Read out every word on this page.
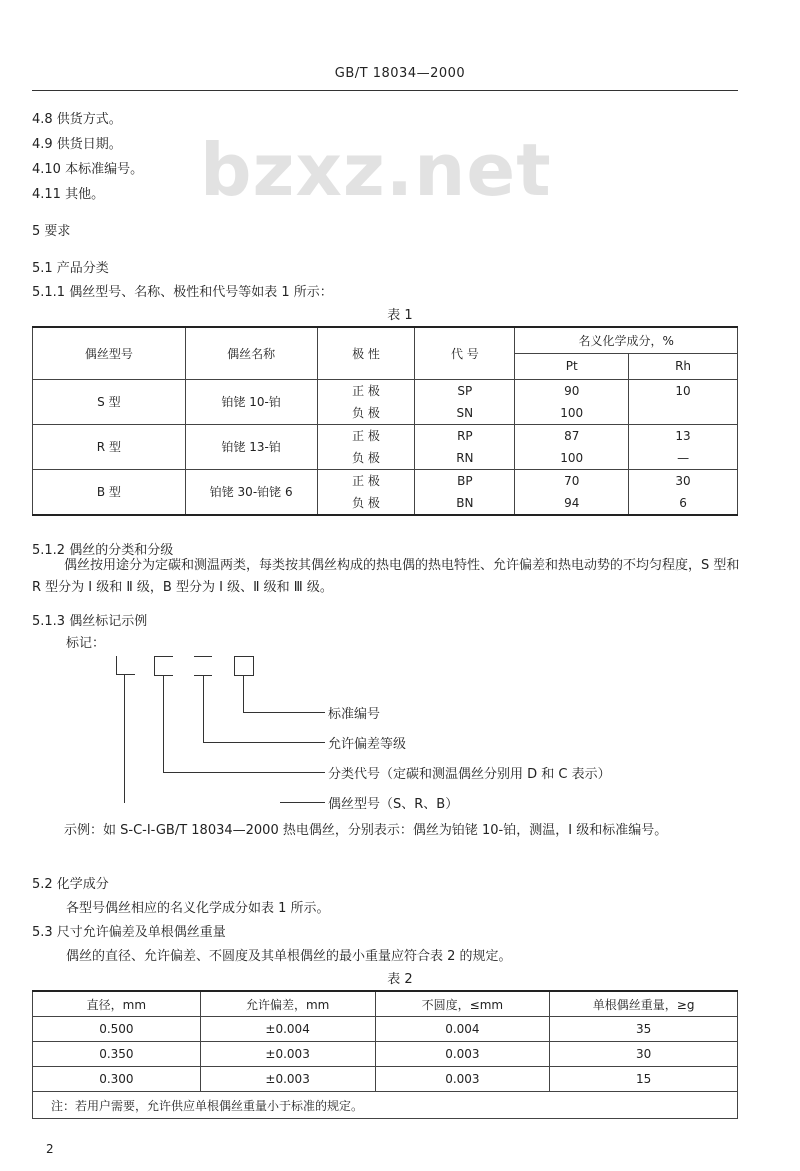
GB/T 18034—2000
bzxz.net
4.8 供货方式。
4.9 供货日期。
4.10 本标准编号。
4.11 其他。
5 要求
5.1 产品分类
5.1.1 偶丝型号、名称、极性和代号等如表 1 所示：
表 1
偶丝型号	偶丝名称	极 性	代 号	名义化学成分，%	
				Pt	Rh
S 型	铂铑 10-铂	正 极	SP	90	10
		负 极	SN	100	
R 型	铂铑 13-铂	正 极	RP	87	13
		负 极	RN	100	—
B 型	铂铑 30-铂铑 6	正 极	BP	70	30
		负 极	BN	94	6
5.1.2 偶丝的分类和分级
偶丝按用途分为定碳和测温两类，每类按其偶丝构成的热电偶的热电特性、允许偏差和热电动势的不均匀程度，S 型和 R 型分为 I 级和 Ⅱ 级，B 型分为 I 级、Ⅱ 级和 Ⅲ 级。
5.1.3 偶丝标记示例
标记：
标准编号
允许偏差等级
分类代号（定碳和测温偶丝分别用 D 和 C 表示）
偶丝型号（S、R、B）
示例：如 S-C-Ⅰ-GB/T 18034—2000 热电偶丝，分别表示：偶丝为铂铑 10-铂，测温，Ⅰ 级和标准编号。
5.2 化学成分
各型号偶丝相应的名义化学成分如表 1 所示。
5.3 尺寸允许偏差及单根偶丝重量
偶丝的直径、允许偏差、不圆度及其单根偶丝的最小重量应符合表 2 的规定。
表 2
直径，mm	允许偏差，mm	不圆度，≤mm	单根偶丝重量，≥g
0.500	±0.004	0.004	35
0.350	±0.003	0.003	30
0.300	±0.003	0.003	15
注：若用户需要，允许供应单根偶丝重量小于标准的规定。			
2
